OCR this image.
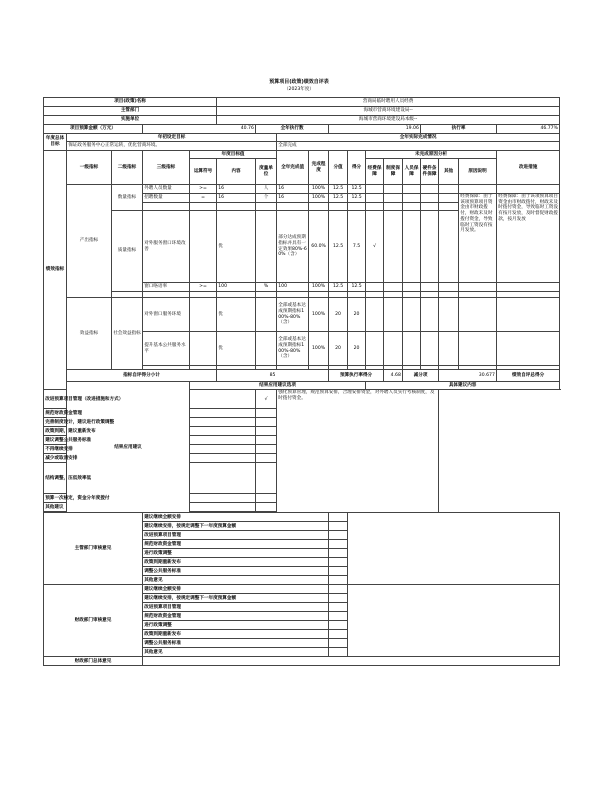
预算项目(政策)绩效自评表
（2023年度）
项目(政策)名称					营商局临时聘用人员经费													
主管部门					海城市营商环境建设局--													
实施单位					海城市营商环境建设局本级--													
项目预算金额（万元）			40.76			全年执行数			19.06					执行率			46.77%	
年度总体目标	年初设定目标						全年实际完成情况											
	保证政务服务中心正常运转，优化营商环境。						全部完成											
绩效指标	一级指标	二级指标	三级指标	年度目标值			全年完成值	完成程度	分值	得分	未完成原因分析						改进措施	
				运算符号	内容	度量单位					经费保障	制度保障	人员保障	硬件条件保障	其他	原因说明		
	产出指标	数量指标	外聘人员数量	>=	16	人	16	100%	12.5	12.5								
			招聘数量	=	16	个	16	100%	12.5	12.5						经费保障：由于该项预算项目资金由市财政拨付，财政未及时拨付资金，导致临时工资没有按月发放。	经费保障：由于该项预算项目资金由市财政拨付，财政未及时拨付资金，导致临时工资没有按月发放，及时督促财政拨款，按月发放	

		质量指标	对外服务窗口环境改善		优		部分达成预期指标并具有一定效果80%-60%（含）	60.0%	12.5	7.5	√							

			窗口咯语率	>=	100	%	100	100%	12.5	12.5								

	效益指标	社会效益指标	对外窗口服务环境		优		全部或基本达成预期指标100%-80%（含）	100%	20	20								
			提升基本公共服务水平		优		全部或基本达成预期指标100%-80%（含）	100%	20	20								

	指标自评得分小计				85				预算执行率得分			4.68	减分项		30.677		绩效自评总得分	
	结果应用建议			结果应用建议选项							具体建议内容							
改进预算项目管理（改进措施和方式）						√	强化预算管理，规范预算安排，合理安排资金，对外聘人员实行考核制度，及时拨付资金。											
规范财政资金管理																		
完善制度设计，建议进行政策调整																		
政策到期，建议重新发布																		
建议调整公共服务标准																		
不再继续安排																		
减少或取消安排																		
结构调整，压低效率低																		
预算一次核定，资金分年度拨付																		
其他建议																		

主管部门审核意见			建议继续全额安排															
			建议继续安排，按规定调整下一年度预算金额															
			改进预算项目管理															
			规范财政资金管理															
			进行政策调整															
			政策到期重新发布															
			调整公共服务标准															
			其他意见															
财政部门审核意见			建议继续全额安排															
			建议继续安排，按规定调整下一年度预算金额															
			改进预算项目管理															
			规范财政资金管理															
			进行政策调整															
			政策到期重新发布															
			调整公共服务标准															
			其他意见															
财政部门总体意见																		
